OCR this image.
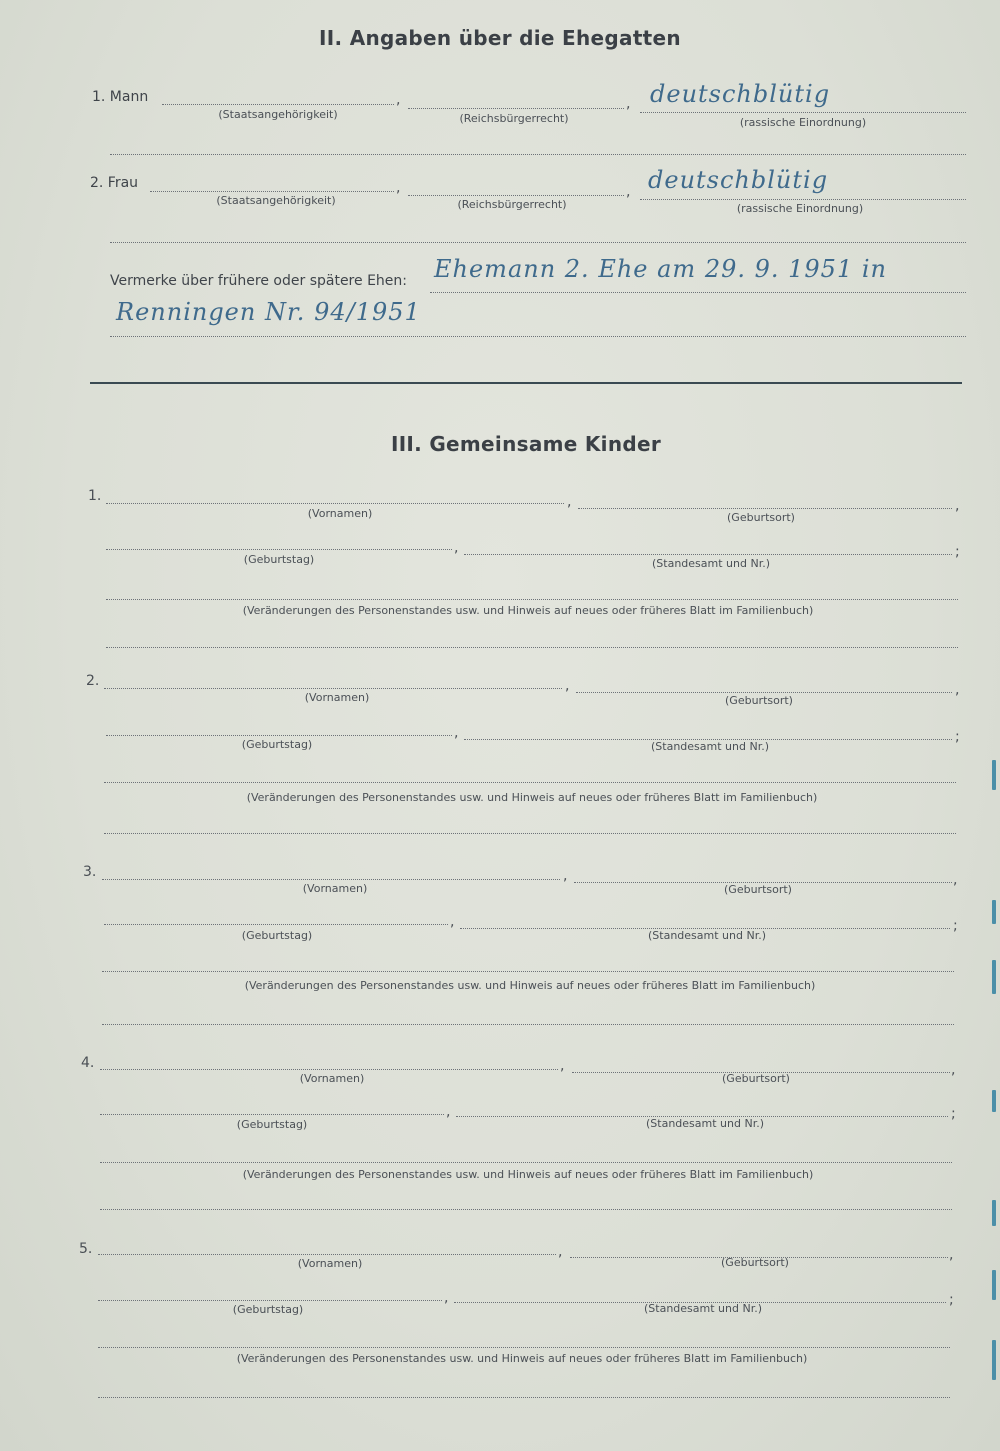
II. Angaben über die Ehegatten
1. Mann	,	, deutschblütig
(Staatsangehörigkeit)	(Reichsbürgerrecht)	(rassische Einordnung)
2. Frau	,	, deutschblütig
(Staatsangehörigkeit)	(Reichsbürgerrecht)	(rassische Einordnung)
Vermerke über frühere oder spätere Ehen: Ehemann 2. Ehe am 29. 9. 1951 in
Renningen Nr. 94/1951
III. Gemeinsame Kinder
1.	,	,
(Vornamen)	(Geburtsort)
,	;
(Geburtstag)	(Standesamt und Nr.)
(Veränderungen des Personenstandes usw. und Hinweis auf neues oder früheres Blatt im Familienbuch)
2.	,	,
(Vornamen)	(Geburtsort)
,	;
(Geburtstag)	(Standesamt und Nr.)
(Veränderungen des Personenstandes usw. und Hinweis auf neues oder früheres Blatt im Familienbuch)
3.	,	,
(Vornamen)	(Geburtsort)
,	;
(Geburtstag)	(Standesamt und Nr.)
(Veränderungen des Personenstandes usw. und Hinweis auf neues oder früheres Blatt im Familienbuch)
4.	,	,
(Vornamen)	(Geburtsort)
,	;
(Geburtstag)	(Standesamt und Nr.)
(Veränderungen des Personenstandes usw. und Hinweis auf neues oder früheres Blatt im Familienbuch)
5.	,	,
(Vornamen)	(Geburtsort)
,	;
(Geburtstag)	(Standesamt und Nr.)
(Veränderungen des Personenstandes usw. und Hinweis auf neues oder früheres Blatt im Familienbuch)
